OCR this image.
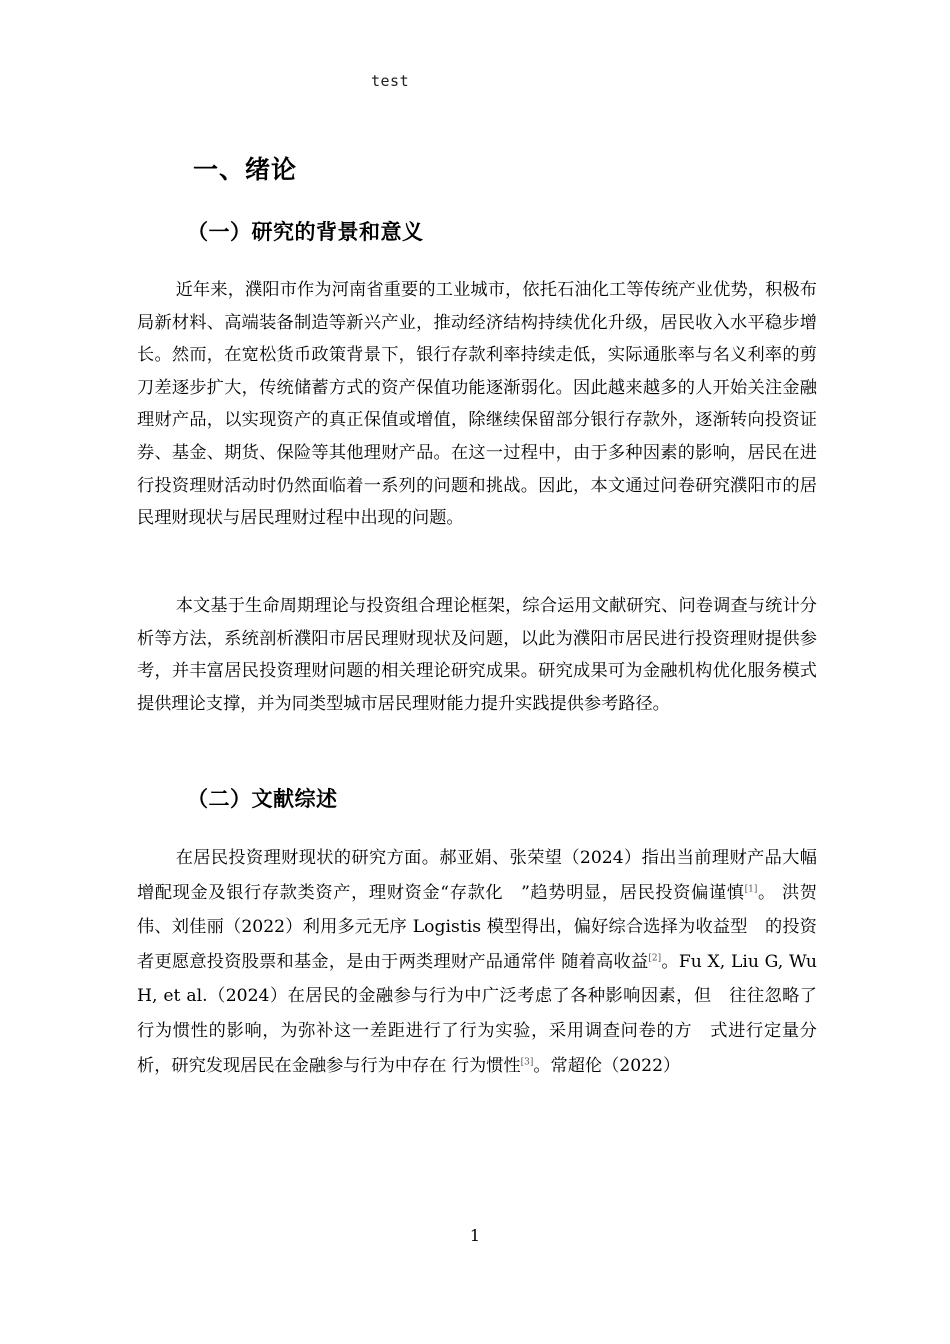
test
一、绪论
（一）研究的背景和意义

近年来，濮阳市作为河南省重要的工业城市，依托石油化工等传统产业优势，积极布局新材料、高端装备制造等新兴产业，推动经济结构持续优化升级，居民收入水平稳步增长。然而，在宽松货币政策背景下，银行存款利率持续走低，实际通胀率与名义利率的剪刀差逐步扩大，传统储蓄方式的资产保值功能逐渐弱化。因此越来越多的人开始关注金融理财产品，以实现资产的真正保值或增值，除继续保留部分银行存款外，逐渐转向投资证券、基金、期货、保险等其他理财产品。在这一过程中，由于多种因素的影响，居民在进行投资理财活动时仍然面临着一系列的问题和挑战。因此，本文通过问卷研究濮阳市的居民理财现状与居民理财过程中出现的问题。

本文基于生命周期理论与投资组合理论框架，综合运用文献研究、问卷调查与统计分析等方法，系统剖析濮阳市居民理财现状及问题，以此为濮阳市居民进行投资理财提供参考，并丰富居民投资理财问题的相关理论研究成果。研究成果可为金融机构优化服务模式提供理论支撑，并为同类型城市居民理财能力提升实践提供参考路径。

（二）文献综述

在居民投资理财现状的研究方面。郝亚娟、张荣望（2024）指出当前理财产品大幅增配现金及银行存款类资产，理财资金“存款化　”趋势明显，居民投资偏谨慎[1]。 洪贺伟、刘佳丽（2022）利用多元无序 Logistis 模型得出，偏好综合选择为收益型　的投资者更愿意投资股票和基金，是由于两类理财产品通常伴 随着高收益[2]。Fu X, Liu G, Wu H, et al.（2024）在居民的金融参与行为中广泛考虑了各种影响因素，但　往往忽略了行为惯性的影响，为弥补这一差距进行了行为实验，采用调查问卷的方　式进行定量分析，研究发现居民在金融参与行为中存在 行为惯性[3]。常超伦（2022）

1
